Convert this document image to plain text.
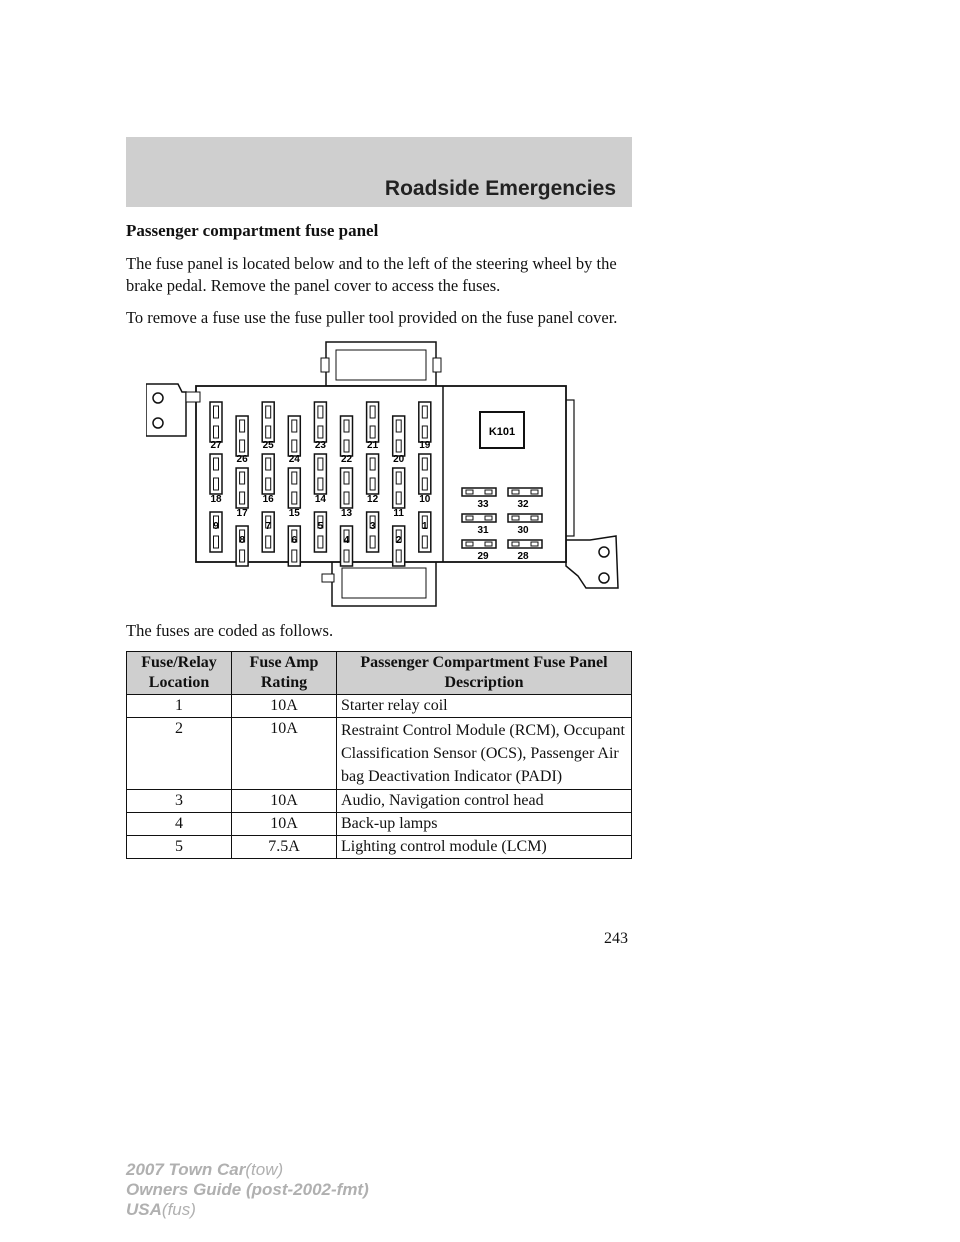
Roadside Emergencies
Passenger compartment fuse panel

The fuse panel is located below and to the left of the steering wheel by the brake pedal. Remove the panel cover to access the fuses.

To remove a fuse use the fuse puller tool provided on the fuse panel cover.

K101
27
26
25
24
23
22
21
20
19
18
17
16
15
14
13
12
11
10
9
8
7
6
5
4
3
2
1
33	32
31	30
29	28
The fuses are coded as follows.
Fuse/Relay Location	Fuse Amp Rating	Passenger Compartment Fuse Panel Description
1	10A	Starter relay coil
2	10A	Restraint Control Module (RCM), Occupant Classification Sensor (OCS), Passenger Air bag Deactivation Indicator (PADI)
3	10A	Audio, Navigation control head
4	10A	Back-up lamps
5	7.5A	Lighting control module (LCM)
243
2007 Town Car(tow)
Owners Guide (post-2002-fmt)
USA(fus)
